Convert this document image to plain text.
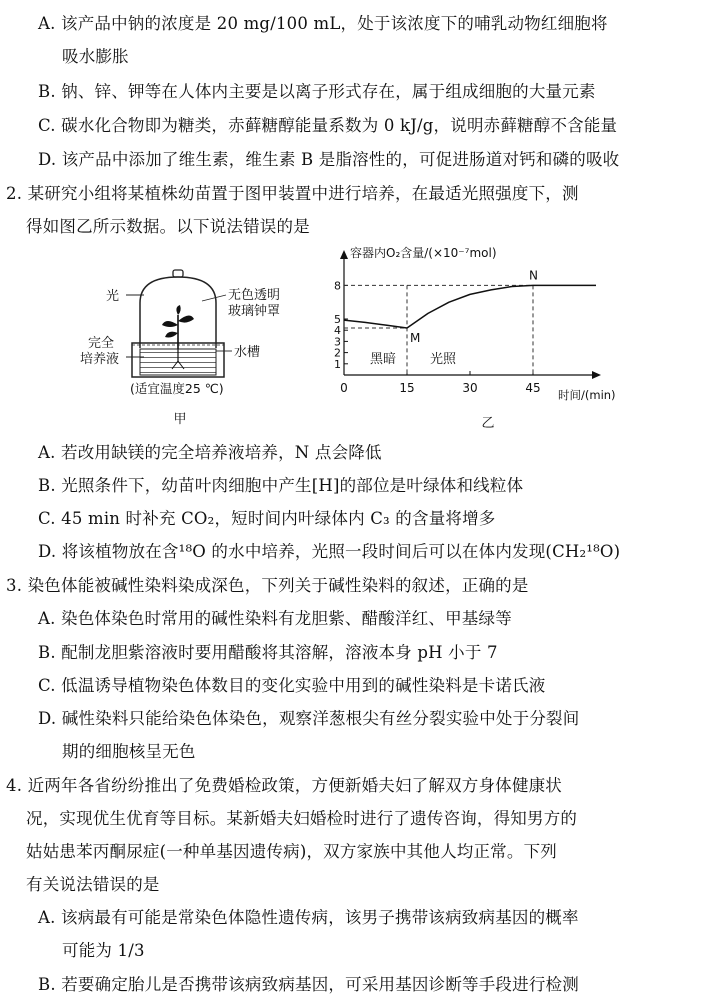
A. 该产品中钠的浓度是 20 mg/100 mL，处于该浓度下的哺乳动物红细胞将
吸水膨胀
B. 钠、锌、钾等在人体内主要是以离子形式存在，属于组成细胞的大量元素
C. 碳水化合物即为糖类，赤藓糖醇能量系数为 0 kJ/g，说明赤藓糖醇不含能量
D. 该产品中添加了维生素，维生素 B 是脂溶性的，可促进肠道对钙和磷的吸收
2. 某研究小组将某植株幼苗置于图甲装置中进行培养，在最适光照强度下，测
得如图乙所示数据。以下说法错误的是
A. 若改用缺镁的完全培养液培养，N 点会降低
B. 光照条件下，幼苗叶肉细胞中产生[H]的部位是叶绿体和线粒体
C. 45 min 时补充 CO₂，短时间内叶绿体内 C₃ 的含量将增多
D. 将该植物放在含¹⁸O 的水中培养，光照一段时间后可以在体内发现(CH₂¹⁸O)
3. 染色体能被碱性染料染成深色，下列关于碱性染料的叙述，正确的是
A. 染色体染色时常用的碱性染料有龙胆紫、醋酸洋红、甲基绿等
B. 配制龙胆紫溶液时要用醋酸将其溶解，溶液本身 pH 小于 7
C. 低温诱导植物染色体数目的变化实验中用到的碱性染料是卡诺氏液
D. 碱性染料只能给染色体染色，观察洋葱根尖有丝分裂实验中处于分裂间
期的细胞核呈无色
4. 近两年各省纷纷推出了免费婚检政策，方便新婚夫妇了解双方身体健康状
况，实现优生优育等目标。某新婚夫妇婚检时进行了遗传咨询，得知男方的
姑姑患苯丙酮尿症(一种单基因遗传病)，双方家族中其他人均正常。下列
有关说法错误的是
A. 该病最有可能是常染色体隐性遗传病，该男子携带该病致病基因的概率
可能为 1/3
B. 若要确定胎儿是否携带该病致病基因，可采用基因诊断等手段进行检测
光	无色透明
玻璃钟罩
完全
培养液	水槽
(适宜温度25 ℃)
甲
容器内O₂含量/(×10⁻⁷mol)
时间/(min)
黑暗	光照
乙
1
2
3
4
5
8
0	15	30	45
M
N
